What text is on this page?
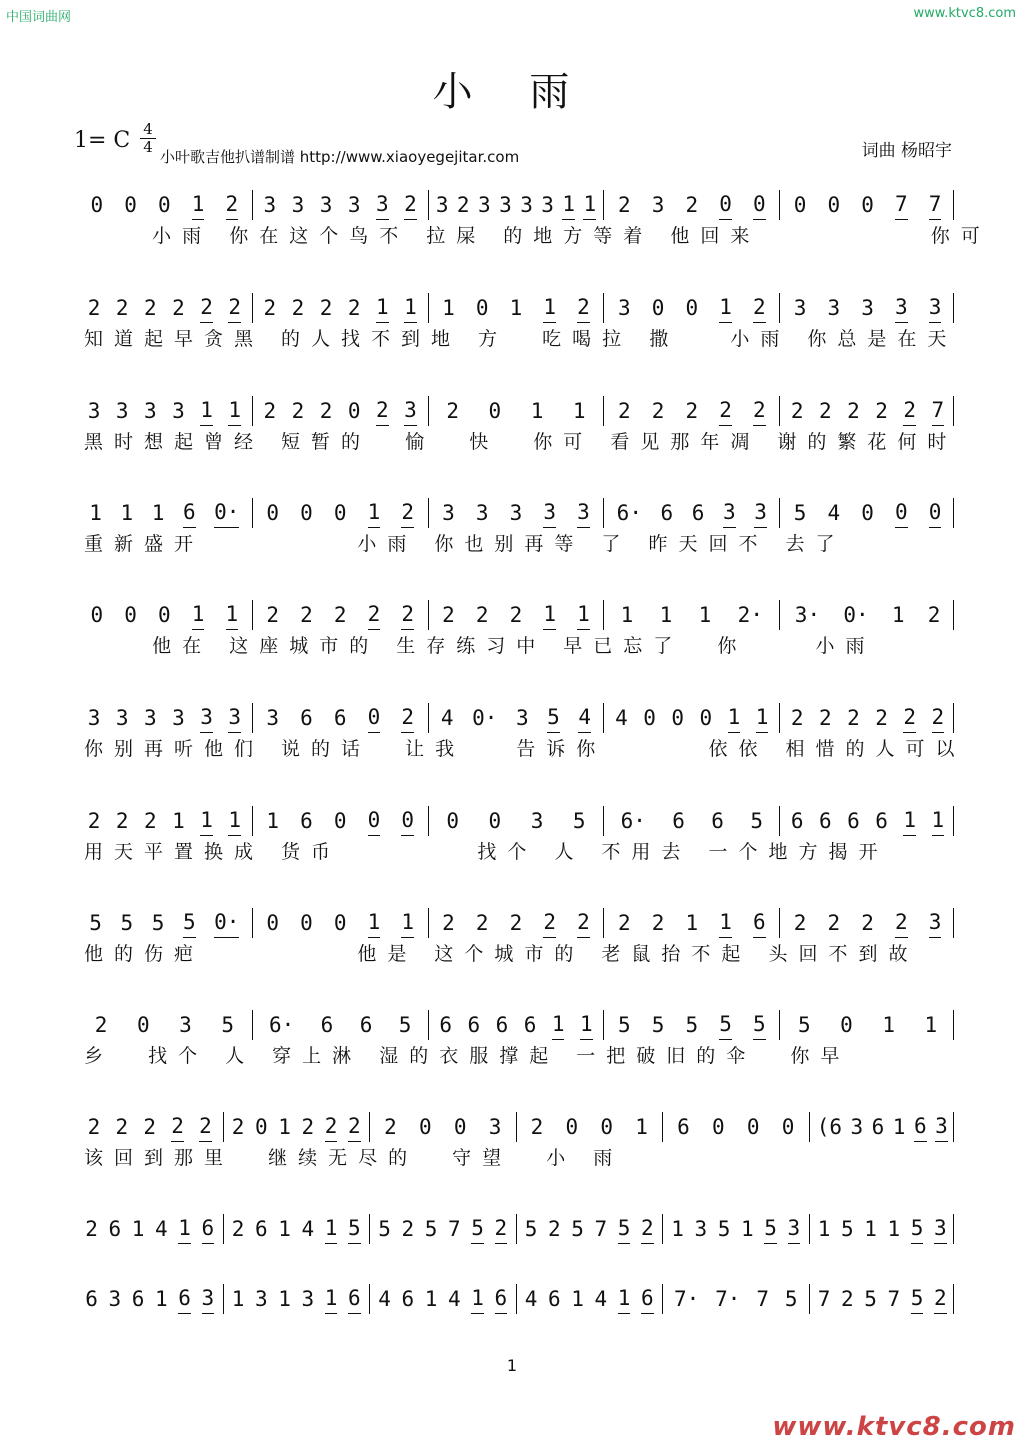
中国词曲网	www.ktvc8.com
小 雨
1= C 4
4
小叶歌吉他扒谱制谱 http://www.xiaoyegejitar.com	词曲 杨昭宇
0 0 0 1 2 3 3 3 3 3 2 3 2 3 3 3 3 1 1 2 3 2 0 0 0 0 0 7 7
小雨 你在这个鸟不 拉屎 的地方等着 他回来          你可
2 2 2 2 2 2 2 2 2 2 1 1 1 0 1 1 2 3 0 0 1 2 3 3 3 3 3
知道起早贪黑 的人找不到地 方  吃喝拉 撒   小雨 你总是在天
3 3 3 3 1 1 2 2 2 0 2 3 2 0 1 1 2 2 2 2 2 2 2 2 2 2 7
黑时想起曾经 短暂的  愉  快  你可 看见那年凋 谢的繁花何时
1 1 1 6 0· 0 0 0 1 2 3 3 3 3 3 6· 6 6 3 3 5 4 0 0 0
重新盛开         小雨 你也别再等 了 昨天回不 去了
0 0 0 1 1 2 2 2 2 2 2 2 2 1 1 1 1 1 2· 3· 0· 1 2
他在 这座城市的 生存练习中 早已忘了  你    小雨
3 3 3 3 3 3 3 6 6 0 2 4 0· 3 5 4 4 0 0 0 1 1 2 2 2 2 2 2
你别再听他们 说的话  让我   告诉你      依依 相惜的人可以
2 2 2 1 1 1 1 6 0 0 0 0 0 3 5 6· 6 6 5 6 6 6 6 1 1
用天平置换成 货币        找个 人 不用去 一个地方揭开
5 5 5 5 0· 0 0 0 1 1 2 2 2 2 2 2 2 1 1 6 2 2 2 2 3
他的伤疤         他是 这个城市的 老鼠抬不起 头回不到故
2 0 3 5 6· 6 6 5 6 6 6 6 1 1 5 5 5 5 5 5 0 1 1
乡  找个 人 穿上淋 湿的衣服撑起 一把破旧的伞  你早
2 2 2 2 2 2 0 1 2 2 2 2 0 0 3 2 0 0 1 6 0 0 0 (6 3 6 1 6 3
该回到那里  继续无尽的  守望  小 雨
2 6 1 4 1 6 2 6 1 4 1 5 5 2 5 7 5 2 5 2 5 7 5 2 1 3 5 1 5 3 1 5 1 1 5 3
6 3 6 1 6 3 1 3 1 3 1 6 4 6 1 4 1 6 4 6 1 4 1 6 7· 7· 7 5 7 2 5 7 5 2
1
www.ktvc8.com
